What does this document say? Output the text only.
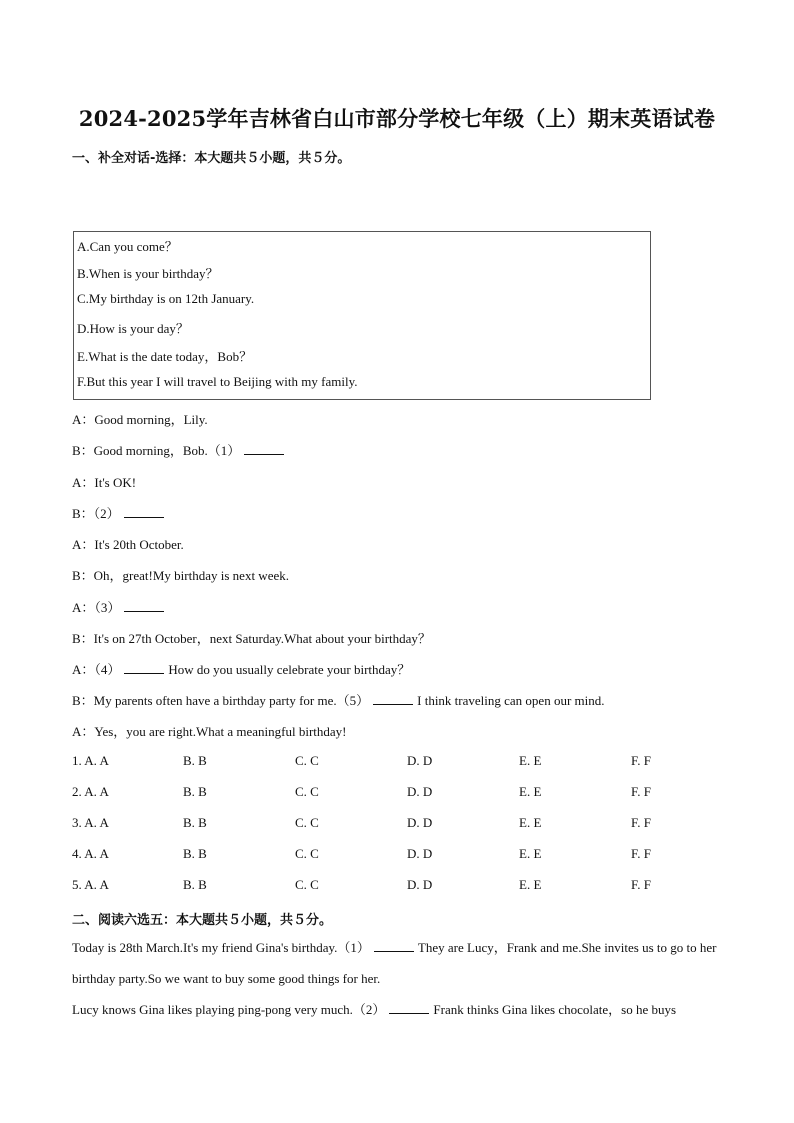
2024-2025学年吉林省白山市部分学校七年级（上）期末英语试卷
一、补全对话-选择：本大题共５小题，共５分。
A.Can you come？
B.When is your birthday？
C.My birthday is on 12th January.
D.How is your day？
E.What is the date today，Bob？
F.But this year I will travel to Beijing with my family.
A：Good morning，Lily.
B：Good morning，Bob.（1）
A：It's OK!
B：（2）
A：It's 20th October.
B：Oh，great!My birthday is next week.
A：（3）
B：It's on 27th October，next Saturday.What about your birthday？
A：（4）	How do you usually celebrate your birthday？
B：My parents often have a birthday party for me.（5）	I think traveling can open our mind.
A：Yes，you are right.What a meaningful birthday!
1. A. A	B. B	C. C	D. D	E. E	F. F
2. A. A	B. B	C. C	D. D	E. E	F. F
3. A. A	B. B	C. C	D. D	E. E	F. F
4. A. A	B. B	C. C	D. D	E. E	F. F
5. A. A	B. B	C. C	D. D	E. E	F. F
二、阅读六选五：本大题共５小题，共５分。
Today is 28th March.It's my friend Gina's birthday.（1）	They are Lucy，Frank and me.She invites us to go to her birthday party.So we want to buy some good things for her.
Lucy knows Gina likes playing ping-pong very much.（2）	Frank thinks Gina likes chocolate，so he buys
